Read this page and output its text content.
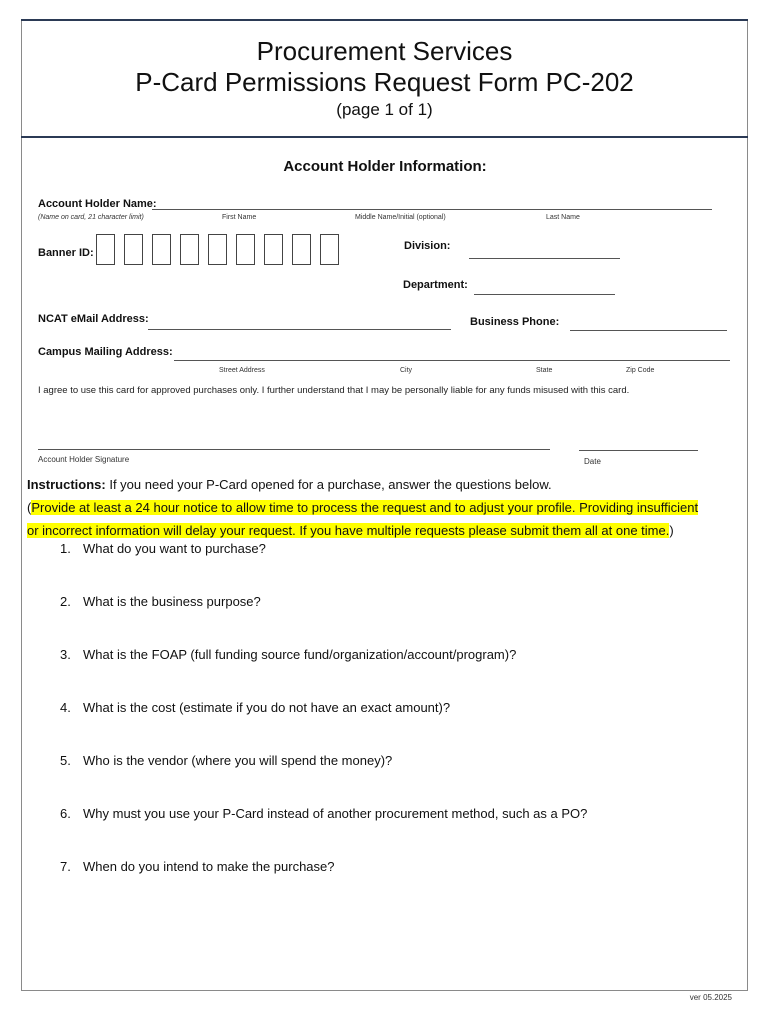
Procurement Services
P-Card Permissions Request Form PC-202
(page 1 of 1)
Account Holder Information:
Account Holder Name:
(Name on card, 21 character limit)	First Name	Middle Name/Initial (optional)	Last Name
Banner ID:
Division:
Department:
NCAT eMail Address:	Business Phone:
Campus Mailing Address:
Street Address	City	State	Zip Code
I agree to use this card for approved purchases only. I further understand that I may be personally liable for any funds misused with this card.
Account Holder Signature	Date
Instructions: If you need your P-Card opened for a purchase, answer the questions below.
(Provide at least a 24 hour notice to allow time to process the request and to adjust your profile. Providing insufficient
or incorrect information will delay your request. If you have multiple requests please submit them all at one time.)
1. What do you want to purchase?
2. What is the business purpose?
3. What is the FOAP (full funding source fund/organization/account/program)?
4. What is the cost (estimate if you do not have an exact amount)?
5. Who is the vendor (where you will spend the money)?
6. Why must you use your P-Card instead of another procurement method, such as a PO?
7. When do you intend to make the purchase?
ver 05.2025
